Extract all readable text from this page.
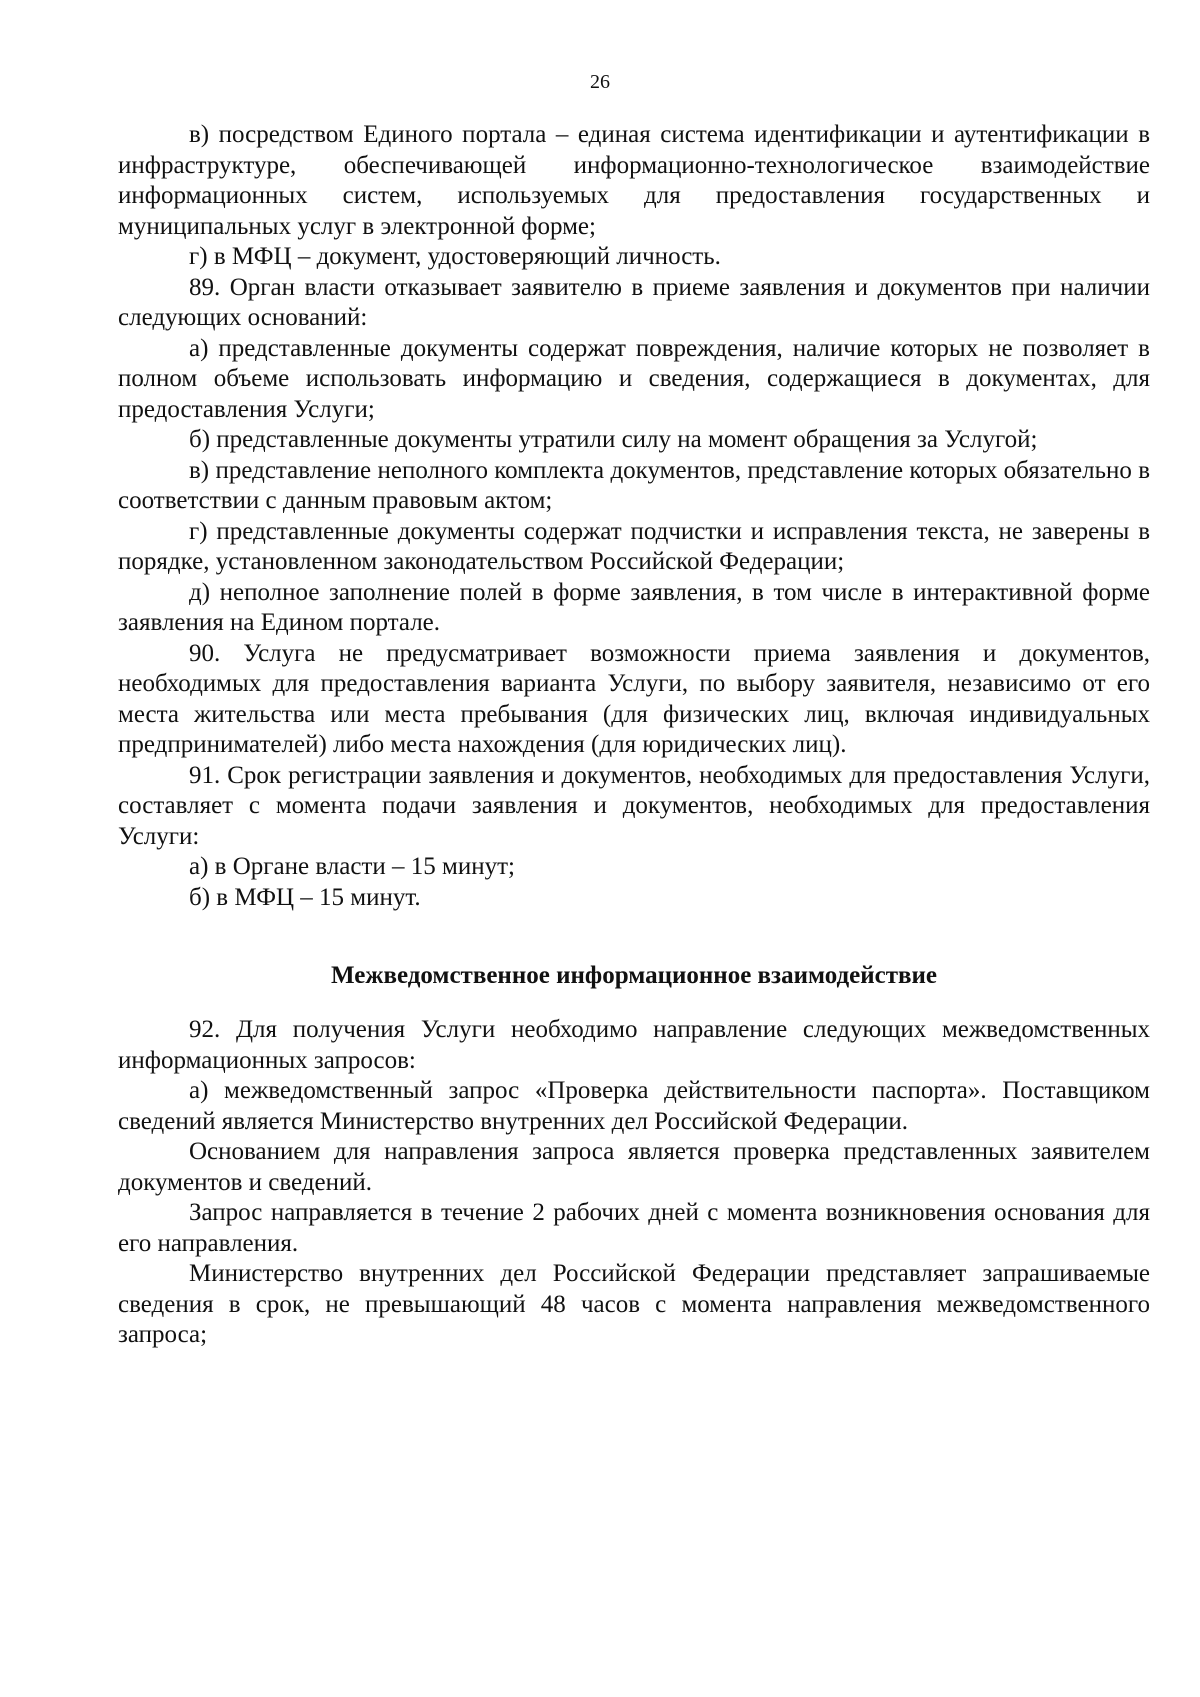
26

в) посредством Единого портала – единая система идентификации и аутентификации в инфраструктуре, обеспечивающей информационно-технологическое взаимодействие информационных систем, используемых для предоставления государственных и муниципальных услуг в электронной форме;

г) в МФЦ – документ, удостоверяющий личность.

89. Орган власти отказывает заявителю в приеме заявления и документов при наличии следующих оснований:

а) представленные документы содержат повреждения, наличие которых не позволяет в полном объеме использовать информацию и сведения, содержащиеся в документах, для предоставления Услуги;

б) представленные документы утратили силу на момент обращения за Услугой;

в) представление неполного комплекта документов, представление которых обязательно в соответствии с данным правовым актом;

г) представленные документы содержат подчистки и исправления текста, не заверены в порядке, установленном законодательством Российской Федерации;

д) неполное заполнение полей в форме заявления, в том числе в интерактивной форме заявления на Едином портале.

90. Услуга не предусматривает возможности приема заявления и документов, необходимых для предоставления варианта Услуги, по выбору заявителя, независимо от его места жительства или места пребывания (для физических лиц, включая индивидуальных предпринимателей) либо места нахождения (для юридических лиц).

91. Срок регистрации заявления и документов, необходимых для предоставления Услуги, составляет с момента подачи заявления и документов, необходимых для предоставления Услуги:

а) в Органе власти – 15 минут;

б) в МФЦ – 15 минут.

Межведомственное информационное взаимодействие

92. Для получения Услуги необходимо направление следующих межведомственных информационных запросов:

а) межведомственный запрос «Проверка действительности паспорта». Поставщиком сведений является Министерство внутренних дел Российской Федерации.

Основанием для направления запроса является проверка представленных заявителем документов и сведений.

Запрос направляется в течение 2 рабочих дней с момента возникновения основания для его направления.

Министерство внутренних дел Российской Федерации представляет запрашиваемые сведения в срок, не превышающий 48 часов с момента направления межведомственного запроса;
